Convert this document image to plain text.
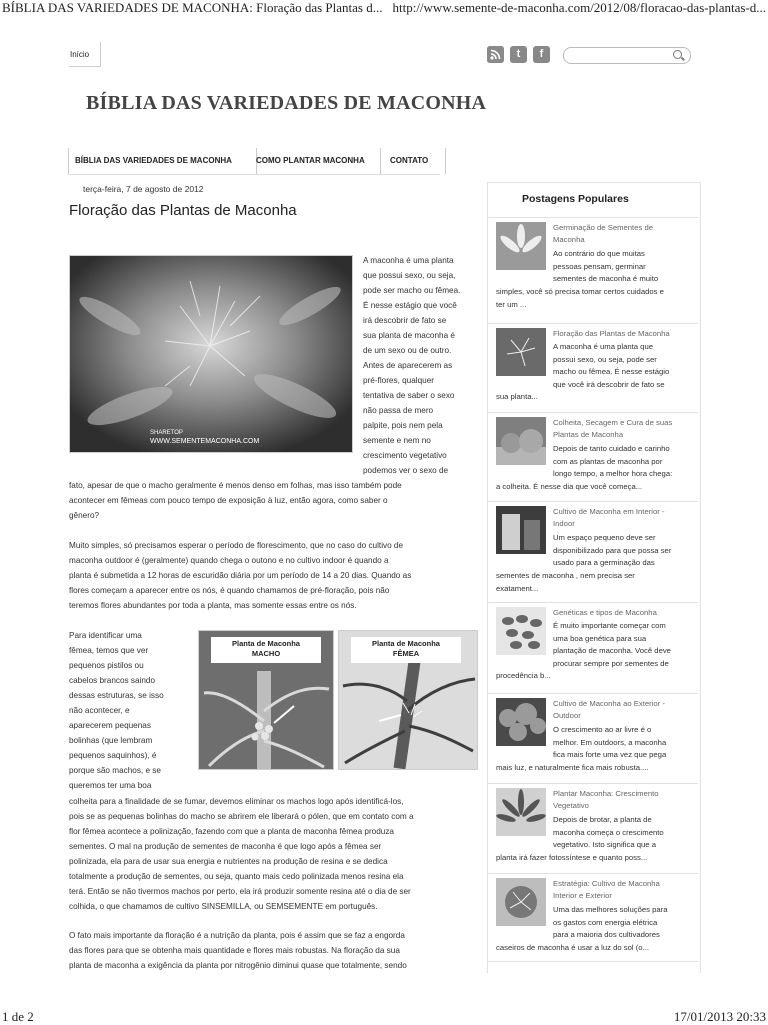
BÍBLIA DAS VARIEDADES DE MACONHA: Floração das Plantas d... http://www.semente-de-maconha.com/2012/08/floracao-das-plantas-d...
1 de 2	17/01/2013 20:33
Início	t	f
BÍBLIA DAS VARIEDADES DE MACONHA
BÍBLIA DAS VARIEDADES DE MACONHA	COMO PLANTAR MACONHA	CONTATO
terça-feira, 7 de agosto de 2012
Floração das Plantas de Maconha
SHARETOP
WWW.SEMENTEMACONHA.COM
A maconha é uma planta
que possui sexo, ou seja,
pode ser macho ou fêmea.
É nesse estágio que você
irá descobrir de fato se
sua planta de maconha é
de um sexo ou de outro.
Antes de aparecerem as
pré-flores, qualquer
tentativa de saber o sexo
não passa de mero
palpite, pois nem pela
semente e nem no
crescimento vegetativo
podemos ver o sexo de
fato, apesar de que o macho geralmente é menos denso em folhas, mas isso também pode
acontecer em fêmeas com pouco tempo de exposição à luz, então agora, como saber o
gênero?
Muito simples, só precisamos esperar o período de florescimento, que no caso do cultivo de
maconha outdoor é (geralmente) quando chega o outono e no cultivo indoor é quando a
planta é submetida a 12 horas de escuridão diária por um período de 14 a 20 dias. Quando as
flores começam a aparecer entre os nós, é quando chamamos de pré-floração, pois não
teremos flores abundantes por toda a planta, mas somente essas entre os nós.
Para identificar uma
fêmea, temos que ver
pequenos pistilos ou
cabelos brancos saindo
dessas estruturas, se isso
não acontecer, e
aparecerem pequenas
bolinhas (que lembram
pequenos saquinhos), é
porque são machos, e se
queremos ter uma boa
Planta de Maconha
MACHO
Planta de Maconha
FÊMEA
colheita para a finalidade de se fumar, devemos eliminar os machos logo após identificá-los,
pois se as pequenas bolinhas do macho se abrirem ele liberará o pólen, que em contato com a
flor fêmea acontece a polinização, fazendo com que a planta de maconha fêmea produza
sementes. O mal na produção de sementes de maconha é que logo após a fêmea ser
polinizada, ela para de usar sua energia e nutrientes na produção de resina e se dedica
totalmente a produção de sementes, ou seja, quanto mais cedo polinizada menos resina ela
terá. Então se não tivermos machos por perto, ela irá produzir somente resina até o dia de ser
colhida, o que chamamos de cultivo SINSEMILLA, ou SEMSEMENTE em português.
O fato mais importante da floração é a nutrição da planta, pois é assim que se faz a engorda
das flores para que se obtenha mais quantidade e flores mais robustas. Na floração da sua
planta de maconha a exigência da planta por nitrogênio diminui quase que totalmente, sendo
Postagens Populares
Germinação de Sementes de
Maconha
Ao contrário do que muitas
pessoas pensam, germinar
sementes de maconha é muito
simples, você só precisa tomar certos cuidados e
ter um ...
Floração das Plantas de Maconha
A maconha é uma planta que
possui sexo, ou seja, pode ser
macho ou fêmea. É nesse estágio
que você irá descobrir de fato se
sua planta...
Colheita, Secagem e Cura de suas
Plantas de Maconha
Depois de tanto cuidado e carinho
com as plantas de maconha por
longo tempo, a melhor hora chega:
a colheita. É nesse dia que você começa...
Cultivo de Maconha em Interior -
Indoor
Um espaço pequeno deve ser
disponibilizado para que possa ser
usado para a germinação das
sementes de maconha , nem precisa ser
exatament...
Genéticas e tipos de Maconha
É muito importante começar com
uma boa genética para sua
plantação de maconha. Você deve
procurar sempre por sementes de
procedência b...
Cultivo de Maconha ao Exterior -
Outdoor
O crescimento ao ar livre é o
melhor. Em outdoors, a maconha
fica mais forte uma vez que pega
mais luz, e naturalmente fica mais robusta....
Plantar Maconha: Crescimento
Vegetativo
Depois de brotar, a planta de
maconha começa o crescimento
vegetativo. Isto significa que a
planta irá fazer fotossíntese e quanto poss...
Estratégia: Cultivo de Maconha
Interior e Exterior
Uma das melhores soluções para
os gastos com energia elétrica
para a maioria dos cultivadores
caseiros de maconha é usar a luz do sol (o...
